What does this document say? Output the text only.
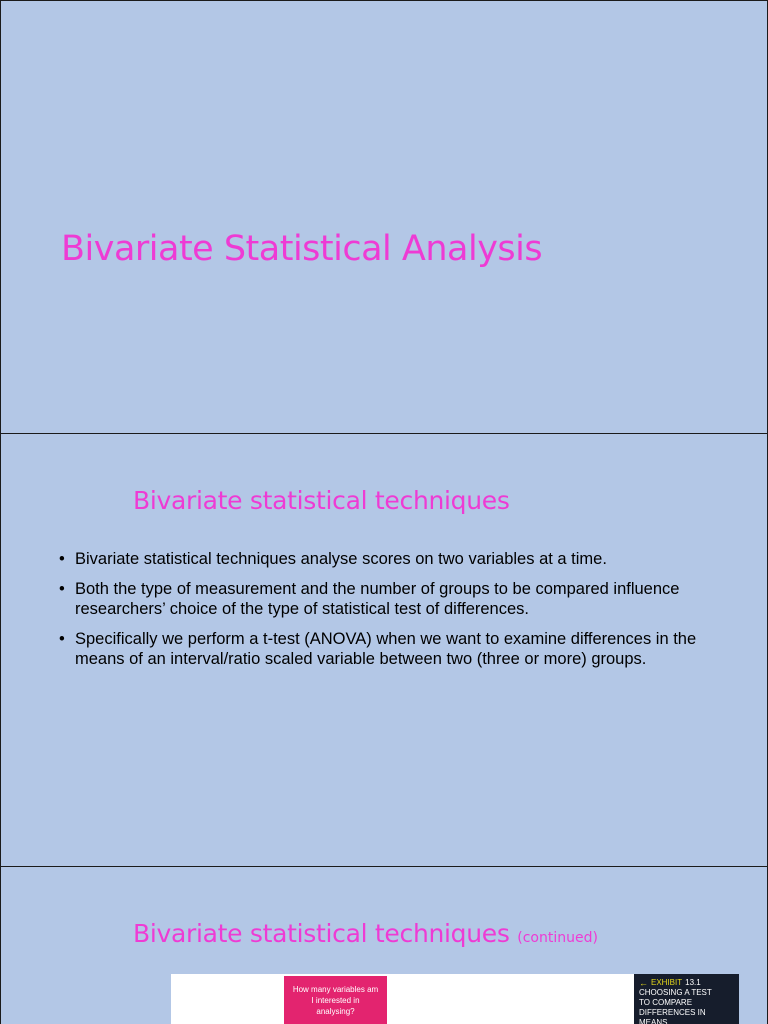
Bivariate Statistical Analysis
Bivariate statistical techniques
• Bivariate statistical techniques analyse scores on two variables at a time.
• Both the type of measurement and the number of groups to be compared influence researchers’ choice of the type of statistical test of differences.
• Specifically we perform a t-test (ANOVA) when we want to examine differences in the means of an interval/ratio scaled variable between two (three or more) groups.
Bivariate statistical techniques (continued)
How many variables am I interested in analysing?
← EXHIBIT 13.1
CHOOSING A TEST TO COMPARE DIFFERENCES IN MEANS
